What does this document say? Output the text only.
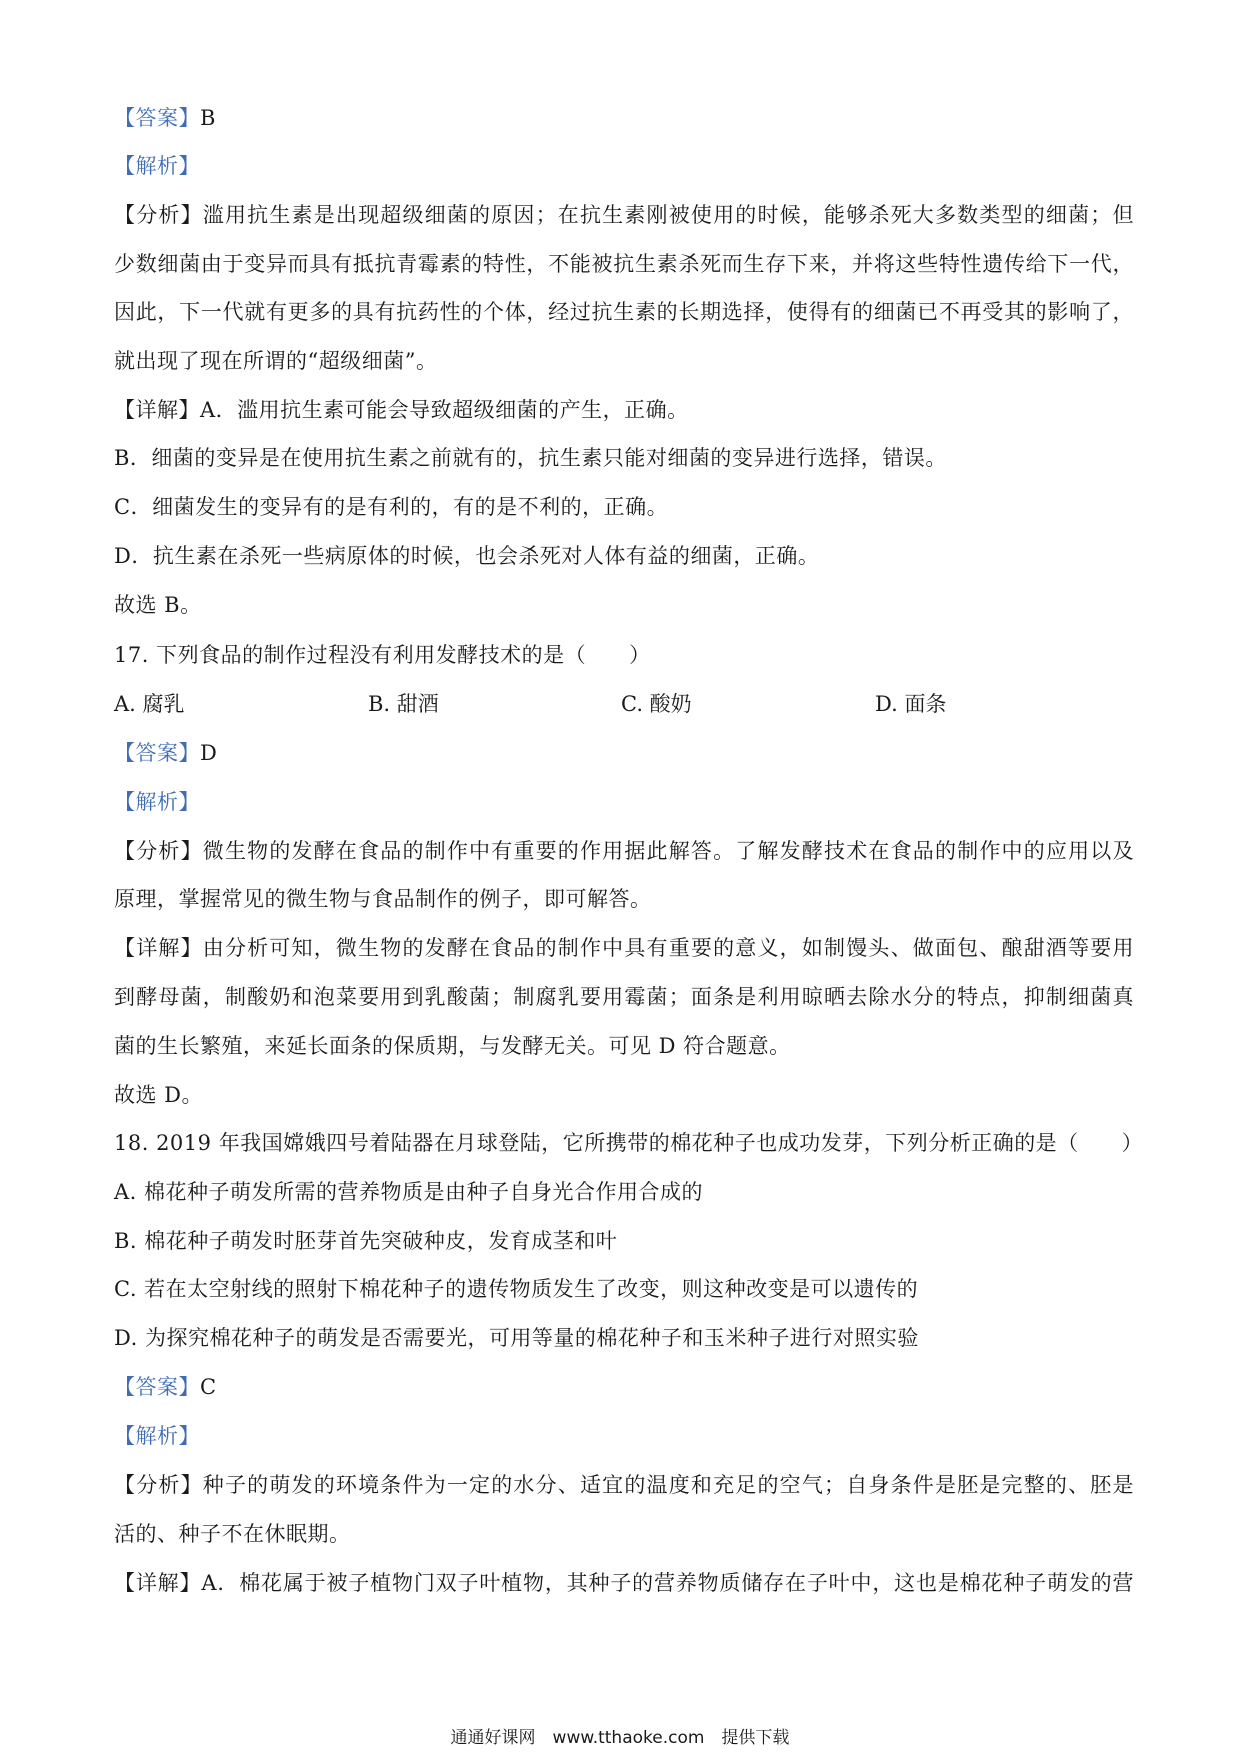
【答案】B
【解析】
【分析】滥用抗生素是出现超级细菌的原因；在抗生素刚被使用的时候，能够杀死大多数类型的细菌；但
少数细菌由于变异而具有抵抗青霉素的特性，不能被抗生素杀死而生存下来，并将这些特性遗传给下一代，
因此，下一代就有更多的具有抗药性的个体，经过抗生素的长期选择，使得有的细菌已不再受其的影响了，
就出现了现在所谓的“超级细菌”。
【详解】A．滥用抗生素可能会导致超级细菌的产生，正确。
B．细菌的变异是在使用抗生素之前就有的，抗生素只能对细菌的变异进行选择，错误。
C．细菌发生的变异有的是有利的，有的是不利的，正确。
D．抗生素在杀死一些病原体的时候，也会杀死对人体有益的细菌，正确。
故选 B。
17. 下列食品的制作过程没有利用发酵技术的是（　　）
A. 腐乳	B. 甜酒	C. 酸奶	D. 面条
【答案】D
【解析】
【分析】微生物的发酵在食品的制作中有重要的作用据此解答。了解发酵技术在食品的制作中的应用以及
原理，掌握常见的微生物与食品制作的例子，即可解答。
【详解】由分析可知，微生物的发酵在食品的制作中具有重要的意义，如制馒头、做面包、酿甜酒等要用
到酵母菌，制酸奶和泡菜要用到乳酸菌；制腐乳要用霉菌；面条是利用晾晒去除水分的特点，抑制细菌真
菌的生长繁殖，来延长面条的保质期，与发酵无关。可见 D 符合题意。
故选 D。
18. 2019 年我国嫦娥四号着陆器在月球登陆，它所携带的棉花种子也成功发芽，下列分析正确的是（　　）
A. 棉花种子萌发所需的营养物质是由种子自身光合作用合成的
B. 棉花种子萌发时胚芽首先突破种皮，发育成茎和叶
C. 若在太空射线的照射下棉花种子的遗传物质发生了改变，则这种改变是可以遗传的
D. 为探究棉花种子的萌发是否需要光，可用等量的棉花种子和玉米种子进行对照实验
【答案】C
【解析】
【分析】种子的萌发的环境条件为一定的水分、适宜的温度和充足的空气；自身条件是胚是完整的、胚是
活的、种子不在休眠期。
【详解】A．棉花属于被子植物门双子叶植物，其种子的营养物质储存在子叶中，这也是棉花种子萌发的营
通通好课网　www.tthaoke.com　提供下载
